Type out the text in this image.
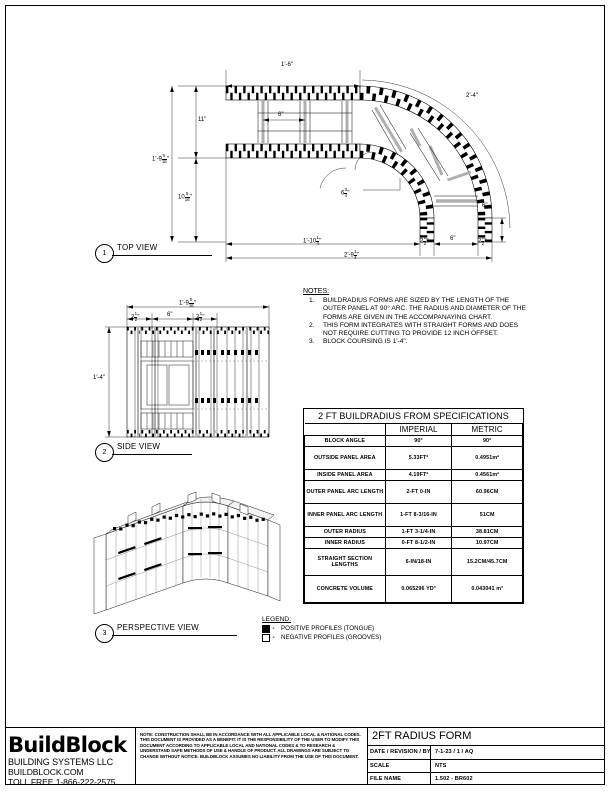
1'-6"
6"
2'-4"
6"
$1'-9 \frac{5}{16}$ "
11"
$10 \frac{5}{16}$ "
$6 \frac{3}{4}$ "
$1'-10 \frac{1}{4}$ "
$2'-9 \frac{1}{4}$ "
$2 \frac{1}{2}$ "	6"	$2 \frac{1}{2}$ "
1
TOP VIEW
$1'-9 \frac{5}{16}$ "
$2 \frac{1}{2}$ "	6"	$2 \frac{1}{2}$ "
1'-4"
2
SIDE VIEW
3
PERSPECTIVE VIEW
NOTES:
1. BUILDRADIUS FORMS ARE SIZED BY THE LENGTH OF THE OUTER PANEL AT 90° ARC. THE RADIUS AND DIAMETER OF THE FORMS ARE GIVEN IN THE ACCOMPANAYING CHART.
2. THIS FORM INTEGRATES WITH STRAIGHT FORMS AND DOES NOT REQUIRE CUTTING TO PROVIDE 12 INCH OFFSET.
3. BLOCK COURSING IS 1'-4".
2 FT BUILDRADIUS FROM SPECIFICATIONS		
	IMPERIAL	METRIC
BLOCK ANGLE	90°	90°
OUTSIDE PANEL AREA	5.33FT²	0.4951m²
INSIDE PANEL AREA	4.19FT²	0.4561m²
OUTER PANEL ARC LENGTH	2-FT 0-IN	60.96CM
INNER PANEL ARC LENGTH	1-FT 8-3/16-IN	51CM
OUTER RADIUS	1-FT 3-1/4-IN	38.81CM
INNER RADIUS	0-FT 8-1/2-IN	10.97CM
STRAIGHT SECTION LENGTHS	6-IN/18-IN	15.2CM/45.7CM
CONCRETE VOLUME	0.065296 YD³	0.043041 m³
LEGEND:
- POSITIVE PROFILES (TONGUE)
- NEGATIVE PROFILES (GROOVES)
BuildBlock
BUILDING SYSTEMS LLC
BUILDBLOCK.COM
TOLL FREE 1-866-222-2575
NOTE: CONSTRUCTION SHALL BE IN ACCORDANCE WITH ALL APPLICABLE LOCAL & NATIONAL CODES. THIS DOCUMENT IS PROVIDED AS A BENEFIT. IT IS THE RESPONSIBILITY OF THE USER TO MODIFY THIS DOCUMENT ACCORDING TO APPLICABLE LOCAL AND NATIONAL CODES & TO RESEARCH & UNDERSTAND SAFE METHODS OF USE & HANDLE OF PRODUCT. ALL DRAWINGS ARE SUBJECT TO CHANGE WITHOUT NOTICE. BUILDBLOCK ASSUMES NO LIABILITY FROM THE USE OF THIS DOCUMENT.
2FT RADIUS FORM
DATE / REVISION / BY 7-1-23 / 1 / AQ
SCALE	NTS
FILE NAME	1.502 - BR602
